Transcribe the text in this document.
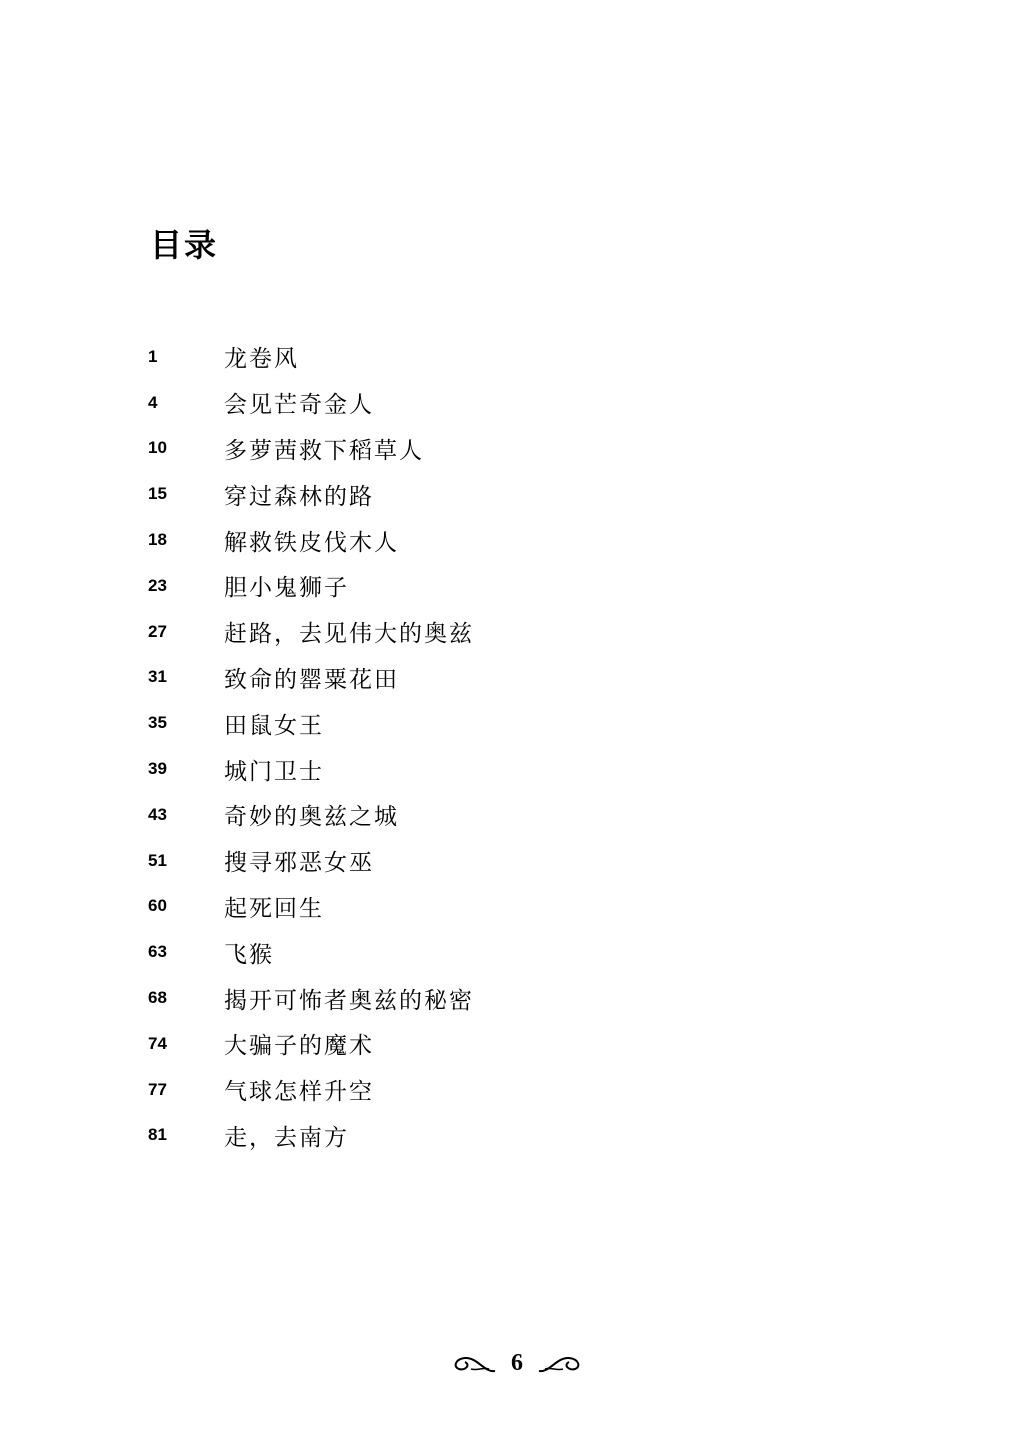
目录
1	龙卷风
4	会见芒奇金人
10	多萝茜救下稻草人
15	穿过森林的路
18	解救铁皮伐木人
23	胆小鬼狮子
27	赶路，去见伟大的奥兹
31	致命的罂粟花田
35	田鼠女王
39	城门卫士
43	奇妙的奥兹之城
51	搜寻邪恶女巫
60	起死回生
63	飞猴
68	揭开可怖者奥兹的秘密
74	大骗子的魔术
77	气球怎样升空
81	走，去南方
6
